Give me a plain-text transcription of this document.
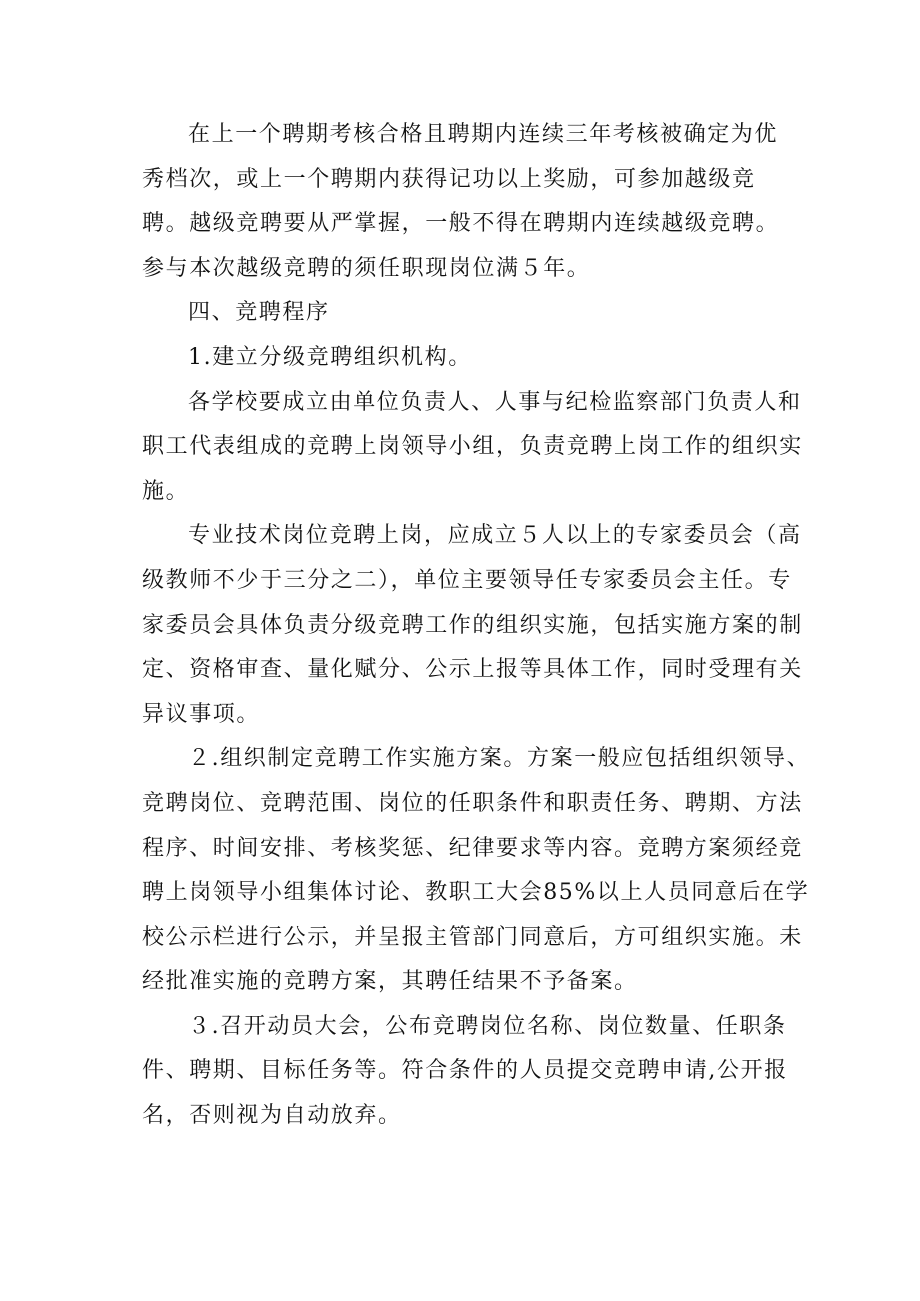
在上一个聘期考核合格且聘期内连续三年考核被确定为优
秀档次，或上一个聘期内获得记功以上奖励，可参加越级竞
聘。越级竞聘要从严掌握，一般不得在聘期内连续越级竞聘。
参与本次越级竞聘的须任职现岗位满５年。
四、竞聘程序
1.建立分级竞聘组织机构。
各学校要成立由单位负责人、人事与纪检监察部门负责人和
职工代表组成的竞聘上岗领导小组，负责竞聘上岗工作的组织实
施。
专业技术岗位竞聘上岗，应成立５人以上的专家委员会（高
级教师不少于三分之二），单位主要领导任专家委员会主任。专
家委员会具体负责分级竞聘工作的组织实施，包括实施方案的制
定、资格审查、量化赋分、公示上报等具体工作，同时受理有关
异议事项。
２.组织制定竞聘工作实施方案。方案一般应包括组织领导、
竞聘岗位、竞聘范围、岗位的任职条件和职责任务、聘期、方法
程序、时间安排、考核奖惩、纪律要求等内容。竞聘方案须经竞
聘上岗领导小组集体讨论、教职工大会85%以上人员同意后在学
校公示栏进行公示，并呈报主管部门同意后，方可组织实施。未
经批准实施的竞聘方案，其聘任结果不予备案。
３.召开动员大会，公布竞聘岗位名称、岗位数量、任职条
件、聘期、目标任务等。符合条件的人员提交竞聘申请,公开报
名，否则视为自动放弃。
